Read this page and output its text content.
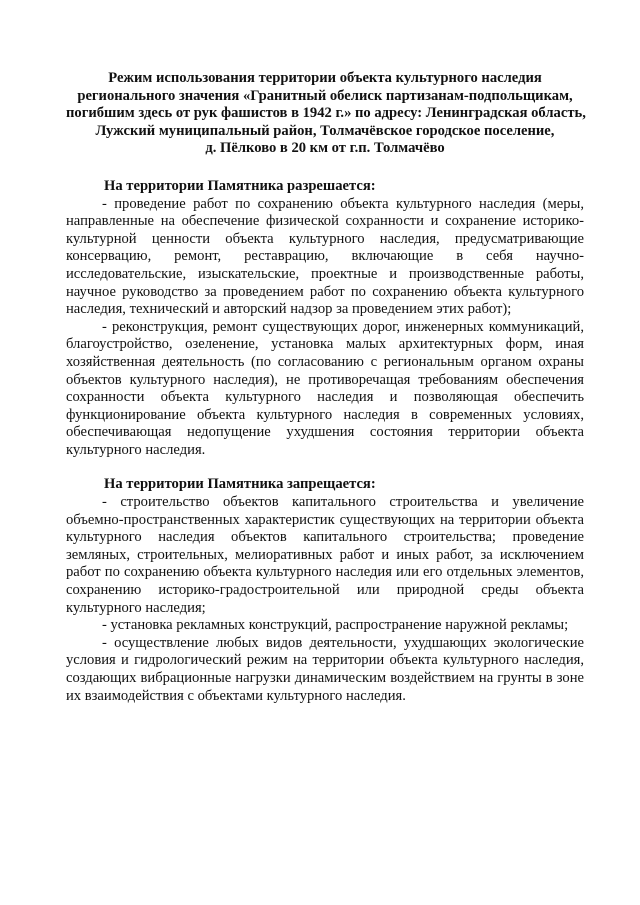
Режим использования территории объекта культурного наследия
регионального значения «Гранитный обелиск партизанам-подпольщикам,
погибшим здесь от рук фашистов в 1942 г.» по адресу: Ленинградская область,
Лужский муниципальный район, Толмачёвское городское поселение,
д. Пёлково в 20 км от г.п. Толмачёво

На территории Памятника разрешается:

- проведение работ по сохранению объекта культурного наследия (меры, направленные на обеспечение физической сохранности и сохранение историко-культурной ценности объекта культурного наследия, предусматривающие консервацию, ремонт, реставрацию, включающие в себя научно-исследовательские, изыскательские, проектные и производственные работы, научное руководство за проведением работ по сохранению объекта культурного наследия, технический и авторский надзор за проведением этих работ);

- реконструкция, ремонт существующих дорог, инженерных коммуникаций, благоустройство, озеленение, установка малых архитектурных форм, иная хозяйственная деятельность (по согласованию с региональным органом охраны объектов культурного наследия), не противоречащая требованиям обеспечения сохранности объекта культурного наследия и позволяющая обеспечить функционирование объекта культурного наследия в современных условиях, обеспечивающая недопущение ухудшения состояния территории объекта культурного наследия.

На территории Памятника запрещается:

- строительство объектов капитального строительства и увеличение объемно-пространственных характеристик существующих на территории объекта культурного наследия объектов капитального строительства; проведение земляных, строительных, мелиоративных работ и иных работ, за исключением работ по сохранению объекта культурного наследия или его отдельных элементов, сохранению историко-градостроительной или природной среды объекта культурного наследия;

- установка рекламных конструкций, распространение наружной рекламы;

- осуществление любых видов деятельности, ухудшающих экологические условия и гидрологический режим на территории объекта культурного наследия, создающих вибрационные нагрузки динамическим воздействием на грунты в зоне их взаимодействия с объектами культурного наследия.
